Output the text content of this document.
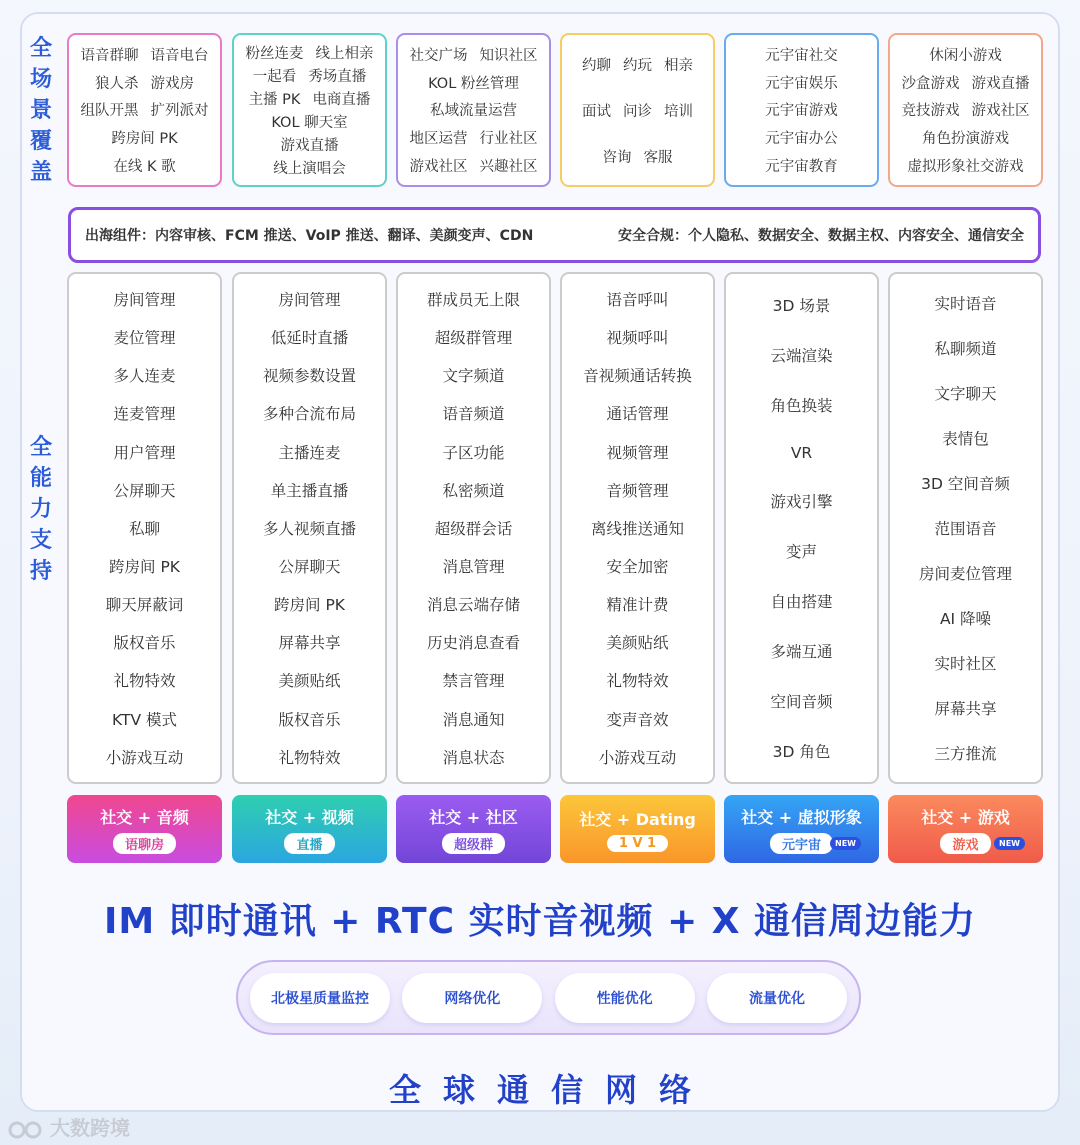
全
场
景
覆
盖
全
能
力
支
持
语音群聊 语音电台
狼人杀 游戏房
组队开黑 扩列派对
跨房间 PK
在线 K 歌
粉丝连麦 线上相亲
一起看 秀场直播
主播 PK 电商直播
KOL 聊天室
游戏直播
线上演唱会
社交广场 知识社区
KOL 粉丝管理
私域流量运营
地区运营 行业社区
游戏社区 兴趣社区
约聊 约玩 相亲
面试 问诊 培训
咨询 客服
元宇宙社交
元宇宙娱乐
元宇宙游戏
元宇宙办公
元宇宙教育
休闲小游戏
沙盒游戏 游戏直播
竞技游戏 游戏社区
角色扮演游戏
虚拟形象社交游戏
出海组件：内容审核、FCM 推送、VoIP 推送、翻译、美颜变声、CDN	安全合规：个人隐私、数据安全、数据主权、内容安全、通信安全
房间管理
麦位管理
多人连麦
连麦管理
用户管理
公屏聊天
私聊
跨房间 PK
聊天屏蔽词
版权音乐
礼物特效
KTV 模式
小游戏互动
房间管理
低延时直播
视频参数设置
多种合流布局
主播连麦
单主播直播
多人视频直播
公屏聊天
跨房间 PK
屏幕共享
美颜贴纸
版权音乐
礼物特效
群成员无上限
超级群管理
文字频道
语音频道
子区功能
私密频道
超级群会话
消息管理
消息云端存储
历史消息查看
禁言管理
消息通知
消息状态
语音呼叫
视频呼叫
音视频通话转换
通话管理
视频管理
音频管理
离线推送通知
安全加密
精准计费
美颜贴纸
礼物特效
变声音效
小游戏互动
3D 场景
云端渲染
角色换装
VR
游戏引擎
变声
自由搭建
多端互通
空间音频
3D 角色
实时语音
私聊频道
文字聊天
表情包
3D 空间音频
范围语音
房间麦位管理
AI 降噪
实时社区
屏幕共享
三方推流
社交 + 音频
语聊房
社交 + 视频
直播
社交 + 社区
超级群
社交 + Dating
1 V 1
社交 + 虚拟形象
元宇宙	NEW
社交 + 游戏
游戏	NEW
IM 即时通讯 + RTC 实时音视频 + X 通信周边能力
北极星质量监控	网络优化	性能优化	流量优化
全球通信网络
大数跨境
